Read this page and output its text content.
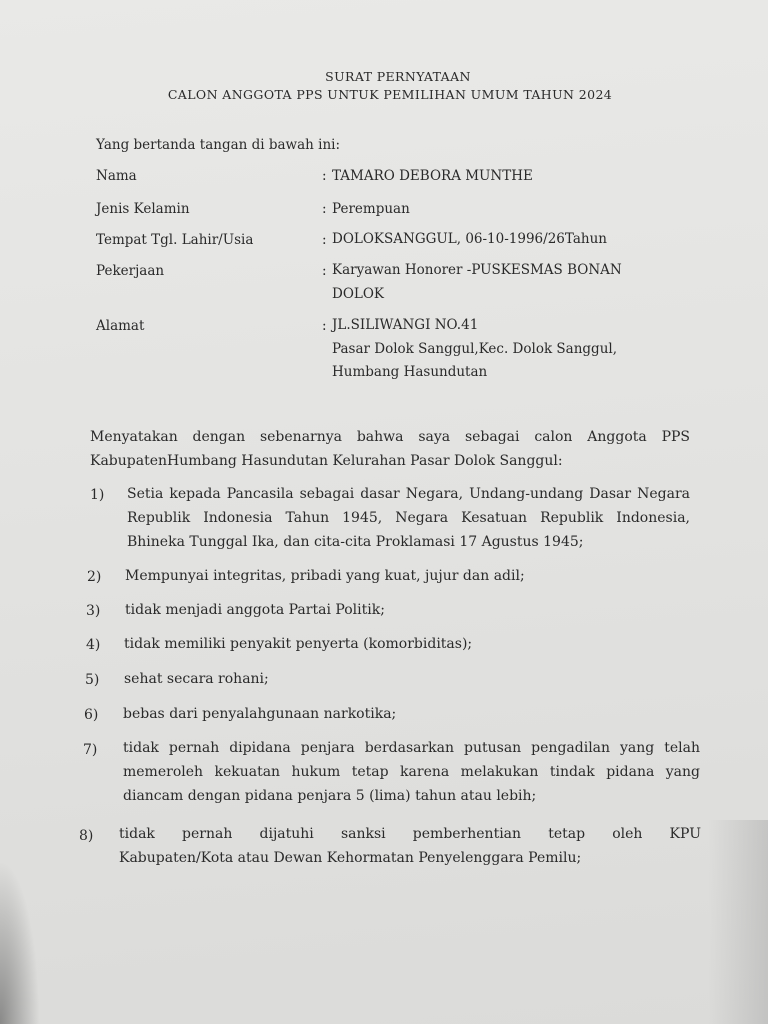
SURAT PERNYATAAN
CALON ANGGOTA PPS UNTUK PEMILIHAN UMUM TAHUN 2024
Yang bertanda tangan di bawah ini:
Nama	: TAMARO DEBORA MUNTHE
Jenis Kelamin	: Perempuan
Tempat Tgl. Lahir/Usia	: DOLOKSANGGUL, 06-10-1996/26Tahun
Pekerjaan	: Karyawan Honorer -PUSKESMAS BONAN
DOLOK
Alamat	: JL.SILIWANGI NO.41
Pasar Dolok Sanggul,Kec. Dolok Sanggul,
Humbang Hasundutan
Menyatakan dengan sebenarnya bahwa saya sebagai calon Anggota PPS
KabupatenHumbang Hasundutan Kelurahan Pasar Dolok Sanggul:
1) Setia kepada Pancasila sebagai dasar Negara, Undang-undang Dasar Negara
Republik Indonesia Tahun 1945, Negara Kesatuan Republik Indonesia,
Bhineka Tunggal Ika, dan cita-cita Proklamasi 17 Agustus 1945;
2) Mempunyai integritas, pribadi yang kuat, jujur dan adil;
3) tidak menjadi anggota Partai Politik;
4) tidak memiliki penyakit penyerta (komorbiditas);
5) sehat secara rohani;
6) bebas dari penyalahgunaan narkotika;
7) tidak pernah dipidana penjara berdasarkan putusan pengadilan yang telah
memeroleh kekuatan hukum tetap karena melakukan tindak pidana yang
diancam dengan pidana penjara 5 (lima) tahun atau lebih;
8) tidak pernah dijatuhi sanksi pemberhentian tetap oleh KPU
Kabupaten/Kota atau Dewan Kehormatan Penyelenggara Pemilu;
